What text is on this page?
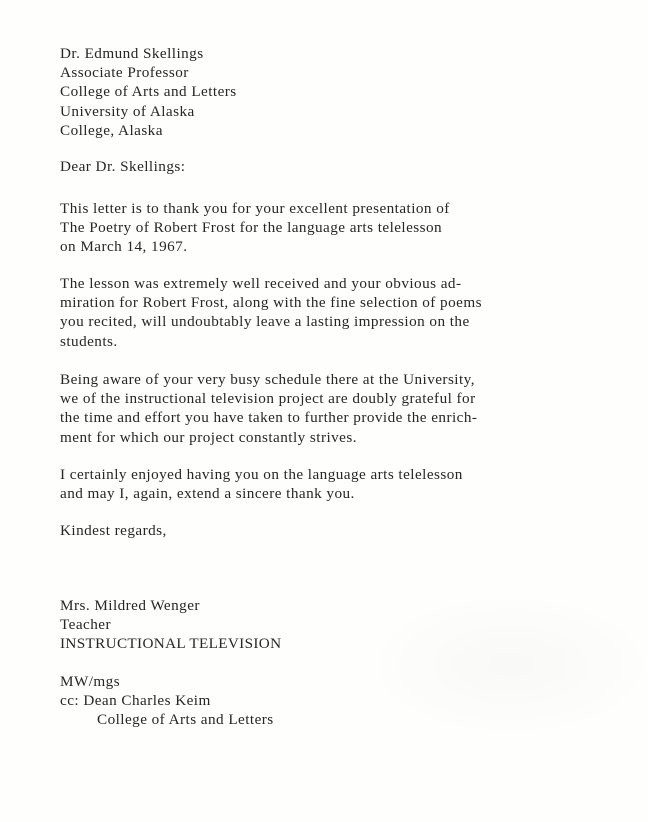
Dr. Edmund Skellings
Associate Professor
College of Arts and Letters
University of Alaska
College, Alaska
Dear Dr. Skellings:
This letter is to thank you for your excellent presentation of
The Poetry of Robert Frost for the language arts telelesson
on March 14, 1967.
The lesson was extremely well received and your obvious ad-
miration for Robert Frost, along with the fine selection of poems
you recited, will undoubtably leave a lasting impression on the
students.
Being aware of your very busy schedule there at the University,
we of the instructional television project are doubly grateful for
the time and effort you have taken to further provide the enrich-
ment for which our project constantly strives.
I certainly enjoyed having you on the language arts telelesson
and may I, again, extend a sincere thank you.
Kindest regards,
Mrs. Mildred Wenger
Teacher
INSTRUCTIONAL TELEVISION
MW/mgs
cc: Dean Charles Keim
College of Arts and Letters
